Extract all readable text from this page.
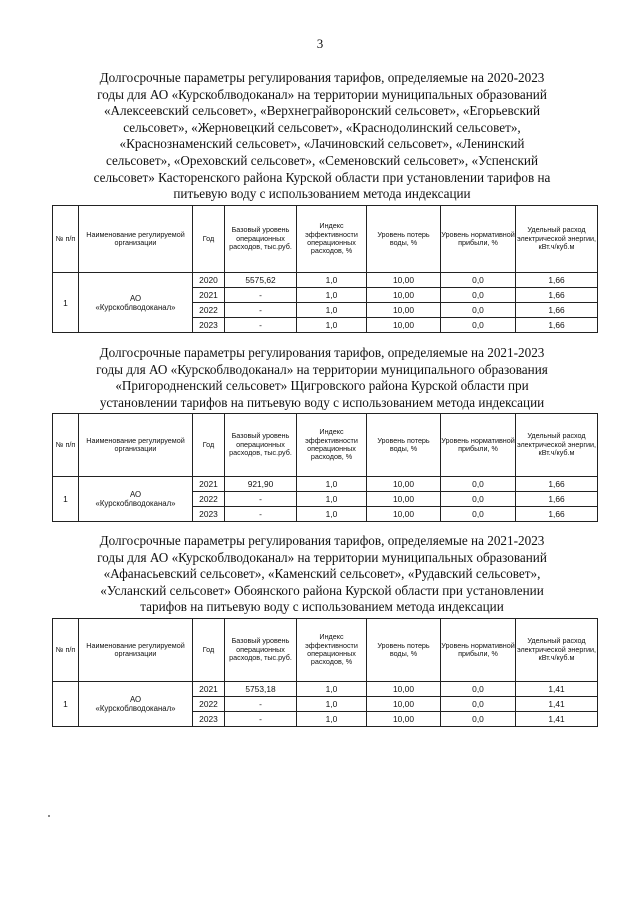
3
Долгосрочные параметры регулирования тарифов, определяемые на 2020-2023
годы для АО «Курскоблводоканал» на территории муниципальных образований
«Алексеевский сельсовет», «Верхнеграйворонский сельсовет», «Егорьевский
сельсовет», «Жерновецкий сельсовет», «Краснодолинский сельсовет»,
«Краснознаменский сельсовет», «Лачиновский сельсовет», «Ленинский
сельсовет», «Ореховский сельсовет», «Семеновский сельсовет», «Успенский
сельсовет» Касторенского района Курской области при установлении тарифов на
питьевую воду с использованием метода индексации
№ п/п	Наименование регулируемой организации	Год	Базовый уровень операционных расходов, тыс.руб.	Индекс эффективности операционных расходов, %	Уровень потерь воды, %	Уровень нормативной прибыли, %	Удельный расход электрической энергии, кВт.ч/куб.м
1	АО
«Курскоблводоканал»	2020	5575,62	1,0	10,00	0,0	1,66
		2021	-	1,0	10,00	0,0	1,66
		2022	-	1,0	10,00	0,0	1,66
		2023	-	1,0	10,00	0,0	1,66
Долгосрочные параметры регулирования тарифов, определяемые на 2021-2023
годы для АО «Курскоблводоканал» на территории муниципального образования
«Пригородненский сельсовет» Щигровского района Курской области при
установлении тарифов на питьевую воду с использованием метода индексации
№ п/п	Наименование регулируемой организации	Год	Базовый уровень операционных расходов, тыс.руб.	Индекс эффективности операционных расходов, %	Уровень потерь воды, %	Уровень нормативной прибыли, %	Удельный расход электрической энергии, кВт.ч/куб.м
1	АО
«Курскоблводоканал»	2021	921,90	1,0	10,00	0,0	1,66
		2022	-	1,0	10,00	0,0	1,66
		2023	-	1,0	10,00	0,0	1,66
Долгосрочные параметры регулирования тарифов, определяемые на 2021-2023
годы для АО «Курскоблводоканал» на территории муниципальных образований
«Афанасьевский сельсовет», «Каменский сельсовет», «Рудавский сельсовет»,
«Усланский сельсовет» Обоянского района Курской области при установлении
тарифов на питьевую воду с использованием метода индексации
№ п/п	Наименование регулируемой организации	Год	Базовый уровень операционных расходов, тыс.руб.	Индекс эффективности операционных расходов, %	Уровень потерь воды, %	Уровень нормативной прибыли, %	Удельный расход электрической энергии, кВт.ч/куб.м
1	АО
«Курскоблводоканал»	2021	5753,18	1,0	10,00	0,0	1,41
		2022	-	1,0	10,00	0,0	1,41
		2023	-	1,0	10,00	0,0	1,41
